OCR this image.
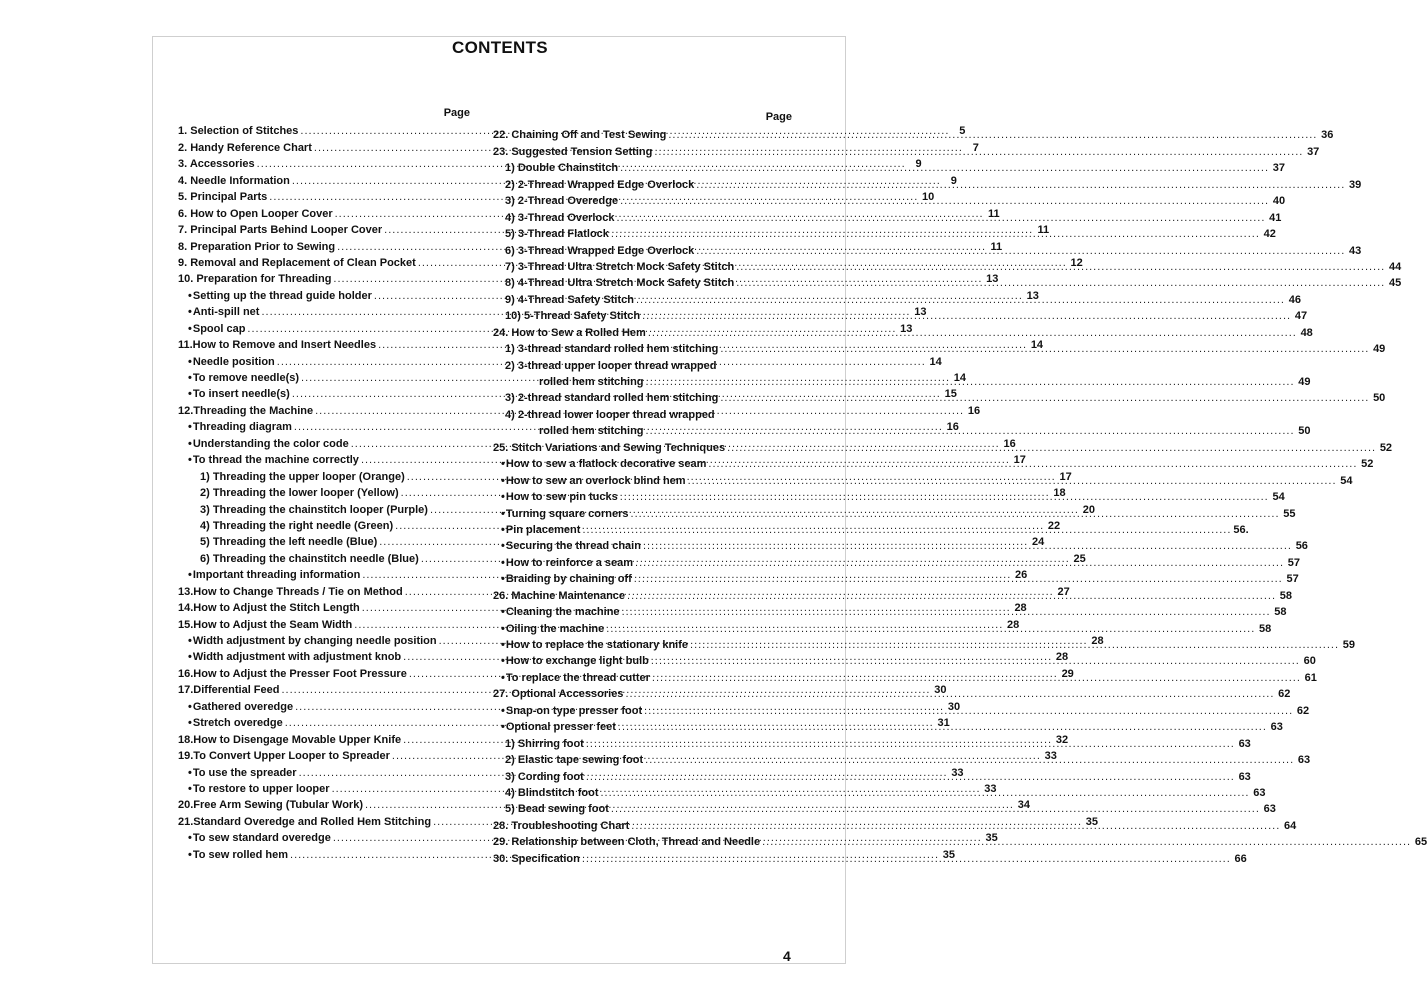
CONTENTS
Page
1. Selection of Stitches .....	5
2. Handy Reference Chart .....	7
3. Accessories .....	9
4. Needle Information .....	9
5. Principal Parts .....	10
6. How to Open Looper Cover .....	11
7. Principal Parts Behind Looper Cover .....	11
8. Preparation Prior to Sewing .....	11
9. Removal and Replacement of Clean Pocket .....	12
10. Preparation for Threading .....	13
•Setting up the thread guide holder .....	13
•Anti-spill net .....	13
•Spool cap .....	13
11.How to Remove and Insert Needles .....	14
•Needle position .....	14
•To remove needle(s) .....	14
•To insert needle(s) .....	15
12.Threading the Machine .....	16
•Threading diagram .....	16
•Understanding the color code .....	16
•To thread the machine correctly .....	17
1) Threading the upper looper (Orange) .....	17
2) Threading the lower looper (Yellow) .....	18
3) Threading the chainstitch looper (Purple) .....	20
4) Threading the right needle (Green) .....	22
5) Threading the left needle (Blue) .....	24
6) Threading the chainstitch needle (Blue) .....	25
•Important threading information .....	26
13.How to Change Threads / Tie on Method .....	27
14.How to Adjust the Stitch Length .....	28
15.How to Adjust the Seam Width .....	28
•Width adjustment by changing needle position .....	28
•Width adjustment with adjustment knob .....	28
16.How to Adjust the Presser Foot Pressure .....	29
17.Differential Feed .....	30
•Gathered overedge .....	30
•Stretch overedge .....	31
18.How to Disengage Movable Upper Knife .....	32
19.To Convert Upper Looper to Spreader .....	33
•To use the spreader .....	33
•To restore to upper looper .....	33
20.Free Arm Sewing (Tubular Work) .....	34
21.Standard Overedge and Rolled Hem Stitching .....	35
•To sew standard overedge .....	35
•To sew rolled hem .....	35
Page
22. Chaining Off and Test Sewing .....	36
23. Suggested Tension Setting .....	37
1) Double Chainstitch .....	37
2) 2-Thread Wrapped Edge Overlock .....	39
3) 2-Thread Overedge .....	40
4) 3-Thread Overlock .....	41
5) 3-Thread Flatlock .....	42
6) 3-Thread Wrapped Edge Overlock .....	43
7) 3-Thread Ultra Stretch Mock Safety Stitch .....	44
8) 4-Thread Ultra Stretch Mock Safety Stitch .....	45
9) 4-Thread Safety Stitch .....	46
10) 5-Thread Safety Stitch .....	47
24. How to Sew a Rolled Hem .....	48
1) 3-thread standard rolled hem stitching .....	49
2) 3-thread upper looper thread wrapped
rolled hem stitching .....	49
3) 2-thread standard rolled hem stitching .....	50
4) 2-thread lower looper thread wrapped
rolled hem stitching .....	50
25. Stitch Variations and Sewing Techniques .....	52
•How to sew a flatlock decorative seam .....	52
•How to sew an overlock blind hem .....	54
•How to sew pin tucks .....	54
•Turning square corners .....	55
•Pin placement .....	56.
•Securing the thread chain .....	56
•How to reinforce a seam .....	57
•Braiding by chaining off .....	57
26. Machine Maintenance .....	58
•Cleaning the machine .....	58
•Oiling the machine .....	58
•How to replace the stationary knife .....	59
•How to exchange light bulb .....	60
•To replace the thread cutter .....	61
27. Optional Accessories .....	62
•Snap-on type presser foot .....	62
•Optional presser feet .....	63
1) Shirring foot .....	63
2) Elastic tape sewing foot .....	63
3) Cording foot .....	63
4) Blindstitch foot .....	63
5) Bead sewing foot .....	63
28. Troubleshooting Chart .....	64
29. Relationship between Cloth, Thread and Needle .....	65
30. Specification .....	66
4
